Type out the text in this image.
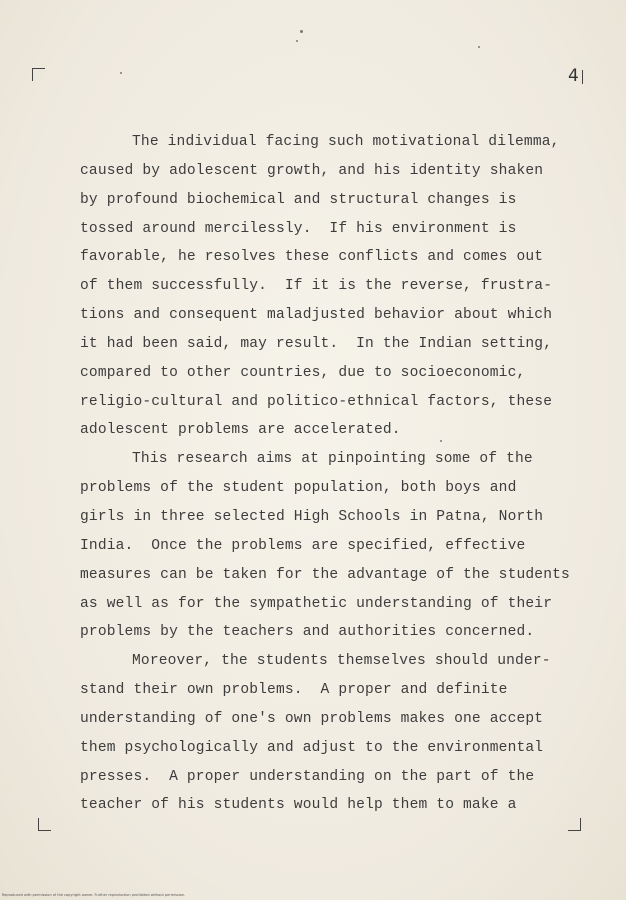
4
The individual facing such motivational dilemma,
caused by adolescent growth, and his identity shaken
by profound biochemical and structural changes is
tossed around mercilessly.  If his environment is
favorable, he resolves these conflicts and comes out
of them successfully.  If it is the reverse, frustra-
tions and consequent maladjusted behavior about which
it had been said, may result.  In the Indian setting,
compared to other countries, due to socioeconomic,
religio-cultural and politico-ethnical factors, these
adolescent problems are accelerated.
This research aims at pinpointing some of the
problems of the student population, both boys and
girls in three selected High Schools in Patna, North
India.  Once the problems are specified, effective
measures can be taken for the advantage of the students
as well as for the sympathetic understanding of their
problems by the teachers and authorities concerned.
Moreover, the students themselves should under-
stand their own problems.  A proper and definite
understanding of one's own problems makes one accept
them psychologically and adjust to the environmental
presses.  A proper understanding on the part of the
teacher of his students would help them to make a
Reproduced with permission of the copyright owner. Further reproduction prohibited without permission.
